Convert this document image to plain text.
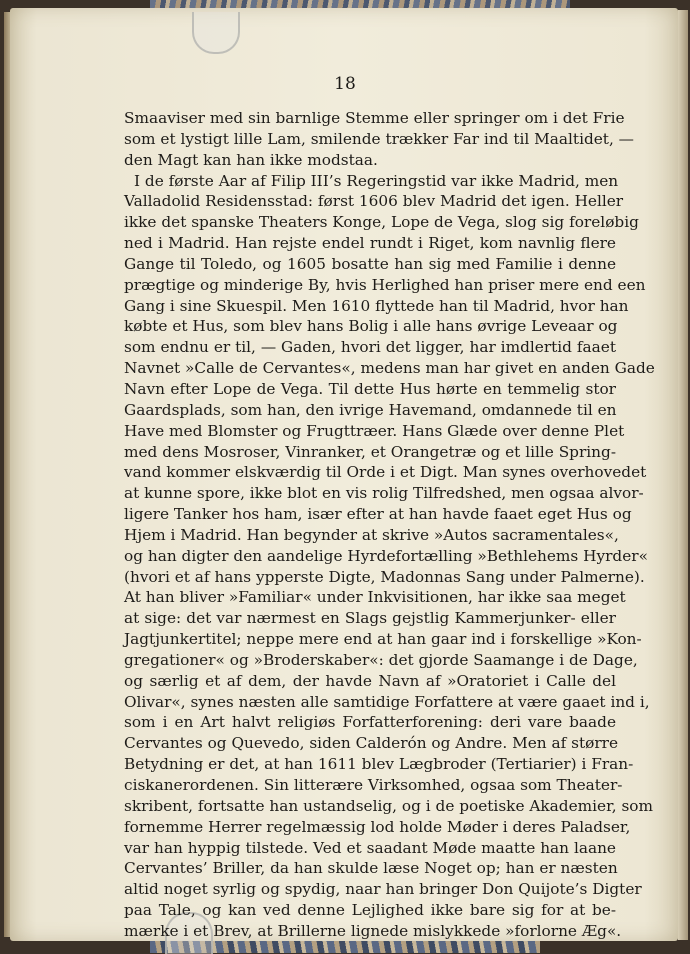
18
Smaaviser med sin barnlige Stemme eller springer om i det Frie
som et lystigt lille Lam, smilende trækker Far ind til Maaltidet, —
den Magt kan han ikke modstaa.
I de første Aar af Filip III’s Regeringstid var ikke Madrid, men
Valladolid Residensstad: først 1606 blev Madrid det igen. Heller
ikke det spanske Theaters Konge, Lope de Vega, slog sig foreløbig
ned i Madrid. Han rejste endel rundt i Riget, kom navnlig flere
Gange til Toledo, og 1605 bosatte han sig med Familie i denne
prægtige og minderige By, hvis Herlighed han priser mere end een
Gang i sine Skuespil. Men 1610 flyttede han til Madrid, hvor han
købte et Hus, som blev hans Bolig i alle hans øvrige Leveaar og
som endnu er til, — Gaden, hvori det ligger, har imdlertid faaet
Navnet »Calle de Cervantes«, medens man har givet en anden Gade
Navn efter Lope de Vega. Til dette Hus hørte en temmelig stor
Gaardsplads, som han, den ivrige Havemand, omdannede til en
Have med Blomster og Frugttræer. Hans Glæde over denne Plet
med dens Mosroser, Vinranker, et Orangetræ og et lille Spring-
vand kommer elskværdig til Orde i et Digt. Man synes overhovedet
at kunne spore, ikke blot en vis rolig Tilfredshed, men ogsaa alvor-
ligere Tanker hos ham, især efter at han havde faaet eget Hus og
Hjem i Madrid. Han begynder at skrive »Autos sacramentales«,
og han digter den aandelige Hyrdefortælling »Bethlehems Hyrder«
(hvori et af hans ypperste Digte, Madonnas Sang under Palmerne).
At han bliver »Familiar« under Inkvisitionen, har ikke saa meget
at sige: det var nærmest en Slags gejstlig Kammerjunker- eller
Jagtjunkertitel; neppe mere end at han gaar ind i forskellige »Kon-
gregationer« og »Broderskaber«: det gjorde Saamange i de Dage,
og særlig et af dem, der havde Navn af »Oratoriet i Calle del
Olivar«, synes næsten alle samtidige Forfattere at være gaaet ind i,
som i en Art halvt religiøs Forfatterforening: deri vare baade
Cervantes og Quevedo, siden Calderón og Andre. Men af større
Betydning er det, at han 1611 blev Lægbroder (Tertiarier) i Fran-
ciskanerordenen. Sin litterære Virksomhed, ogsaa som Theater-
skribent, fortsatte han ustandselig, og i de poetiske Akademier, som
fornemme Herrer regelmæssig lod holde Møder i deres Paladser,
var han hyppig tilstede. Ved et saadant Møde maatte han laane
Cervantes’ Briller, da han skulde læse Noget op; han er næsten
altid noget syrlig og spydig, naar han bringer Don Quijote’s Digter
paa Tale, og kan ved denne Lejlighed ikke bare sig for at be-
mærke i et Brev, at Brillerne lignede mislykkede »forlorne Æg«.
